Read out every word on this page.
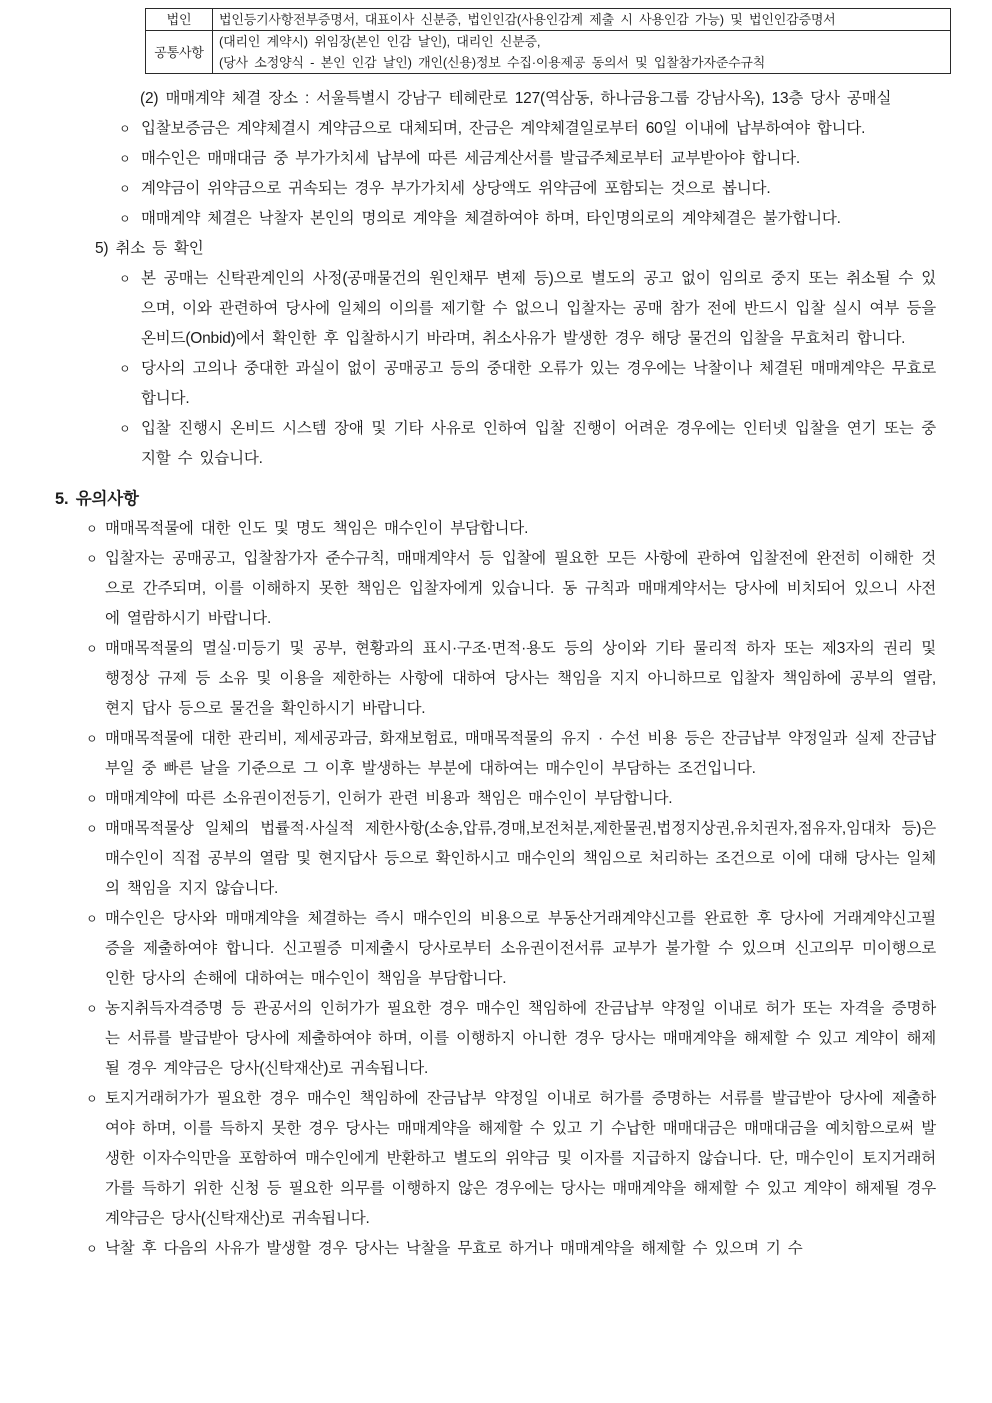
법인	법인등기사항전부증명서, 대표이사 신분증, 법인인감(사용인감계 제출 시 사용인감 가능) 및 법인인감증명서

공통사항	(대리인 계약시) 위임장(본인 인감 날인), 대리인 신분증,
(당사 소정양식 - 본인 인감 날인) 개인(신용)정보 수집·이용제공 동의서 및 입찰참가자준수규칙
(2) 매매계약 체결 장소 : 서울특별시 강남구 테헤란로 127(역삼동, 하나금융그룹 강남사옥), 13층 당사 공매실
ㅇ 입찰보증금은 계약체결시 계약금으로 대체되며, 잔금은 계약체결일로부터 60일 이내에 납부하여야 합니다.
ㅇ 매수인은 매매대금 중 부가가치세 납부에 따른 세금계산서를 발급주체로부터 교부받아야 합니다.
ㅇ 계약금이 위약금으로 귀속되는 경우 부가가치세 상당액도 위약금에 포함되는 것으로 봅니다.
ㅇ 매매계약 체결은 낙찰자 본인의 명의로 계약을 체결하여야 하며, 타인명의로의 계약체결은 불가합니다.
5) 취소 등 확인
ㅇ 본 공매는 신탁관계인의 사정(공매물건의 원인채무 변제 등)으로 별도의 공고 없이 임의로 중지 또는 취소될 수 있으며, 이와 관련하여 당사에 일체의 이의를 제기할 수 없으니 입찰자는 공매 참가 전에 반드시 입찰 실시 여부 등을 온비드(Onbid)에서 확인한 후 입찰하시기 바라며, 취소사유가 발생한 경우 해당 물건의 입찰을 무효처리 합니다.
ㅇ 당사의 고의나 중대한 과실이 없이 공매공고 등의 중대한 오류가 있는 경우에는 낙찰이나 체결된 매매계약은 무효로 합니다.
ㅇ 입찰 진행시 온비드 시스템 장애 및 기타 사유로 인하여 입찰 진행이 어려운 경우에는 인터넷 입찰을 연기 또는 중지할 수 있습니다.
5. 유의사항
ㅇ 매매목적물에 대한 인도 및 명도 책임은 매수인이 부담합니다.
ㅇ 입찰자는 공매공고, 입찰참가자 준수규칙, 매매계약서 등 입찰에 필요한 모든 사항에 관하여 입찰전에 완전히 이해한 것으로 간주되며, 이를 이해하지 못한 책임은 입찰자에게 있습니다. 동 규칙과 매매계약서는 당사에 비치되어 있으니 사전에 열람하시기 바랍니다.
ㅇ 매매목적물의 멸실·미등기 및 공부, 현황과의 표시·구조·면적·용도 등의 상이와 기타 물리적 하자 또는 제3자의 권리 및 행정상 규제 등 소유 및 이용을 제한하는 사항에 대하여 당사는 책임을 지지 아니하므로 입찰자 책임하에 공부의 열람, 현지 답사 등으로 물건을 확인하시기 바랍니다.
ㅇ 매매목적물에 대한 관리비, 제세공과금, 화재보험료, 매매목적물의 유지 · 수선 비용 등은 잔금납부 약정일과 실제 잔금납부일 중 빠른 날을 기준으로 그 이후 발생하는 부분에 대하여는 매수인이 부담하는 조건입니다.
ㅇ 매매계약에 따른 소유권이전등기, 인허가 관련 비용과 책임은 매수인이 부담합니다.
ㅇ 매매목적물상 일체의 법률적·사실적 제한사항(소송,압류,경매,보전처분,제한물권,법정지상권,유치권자,점유자,임대차 등)은 매수인이 직접 공부의 열람 및 현지답사 등으로 확인하시고 매수인의 책임으로 처리하는 조건으로 이에 대해 당사는 일체의 책임을 지지 않습니다.
ㅇ 매수인은 당사와 매매계약을 체결하는 즉시 매수인의 비용으로 부동산거래계약신고를 완료한 후 당사에 거래계약신고필증을 제출하여야 합니다. 신고필증 미제출시 당사로부터 소유권이전서류 교부가 불가할 수 있으며 신고의무 미이행으로 인한 당사의 손해에 대하여는 매수인이 책임을 부담합니다.
ㅇ 농지취득자격증명 등 관공서의 인허가가 필요한 경우 매수인 책임하에 잔금납부 약정일 이내로 허가 또는 자격을 증명하는 서류를 발급받아 당사에 제출하여야 하며, 이를 이행하지 아니한 경우 당사는 매매계약을 해제할 수 있고 계약이 해제될 경우 계약금은 당사(신탁재산)로 귀속됩니다.
ㅇ 토지거래허가가 필요한 경우 매수인 책임하에 잔금납부 약정일 이내로 허가를 증명하는 서류를 발급받아 당사에 제출하여야 하며, 이를 득하지 못한 경우 당사는 매매계약을 해제할 수 있고 기 수납한 매매대금은 매매대금을 예치함으로써 발생한 이자수익만을 포함하여 매수인에게 반환하고 별도의 위약금 및 이자를 지급하지 않습니다. 단, 매수인이 토지거래허가를 득하기 위한 신청 등 필요한 의무를 이행하지 않은 경우에는 당사는 매매계약을 해제할 수 있고 계약이 해제될 경우 계약금은 당사(신탁재산)로 귀속됩니다.
ㅇ 낙찰 후 다음의 사유가 발생할 경우 당사는 낙찰을 무효로 하거나 매매계약을 해제할 수 있으며 기 수
